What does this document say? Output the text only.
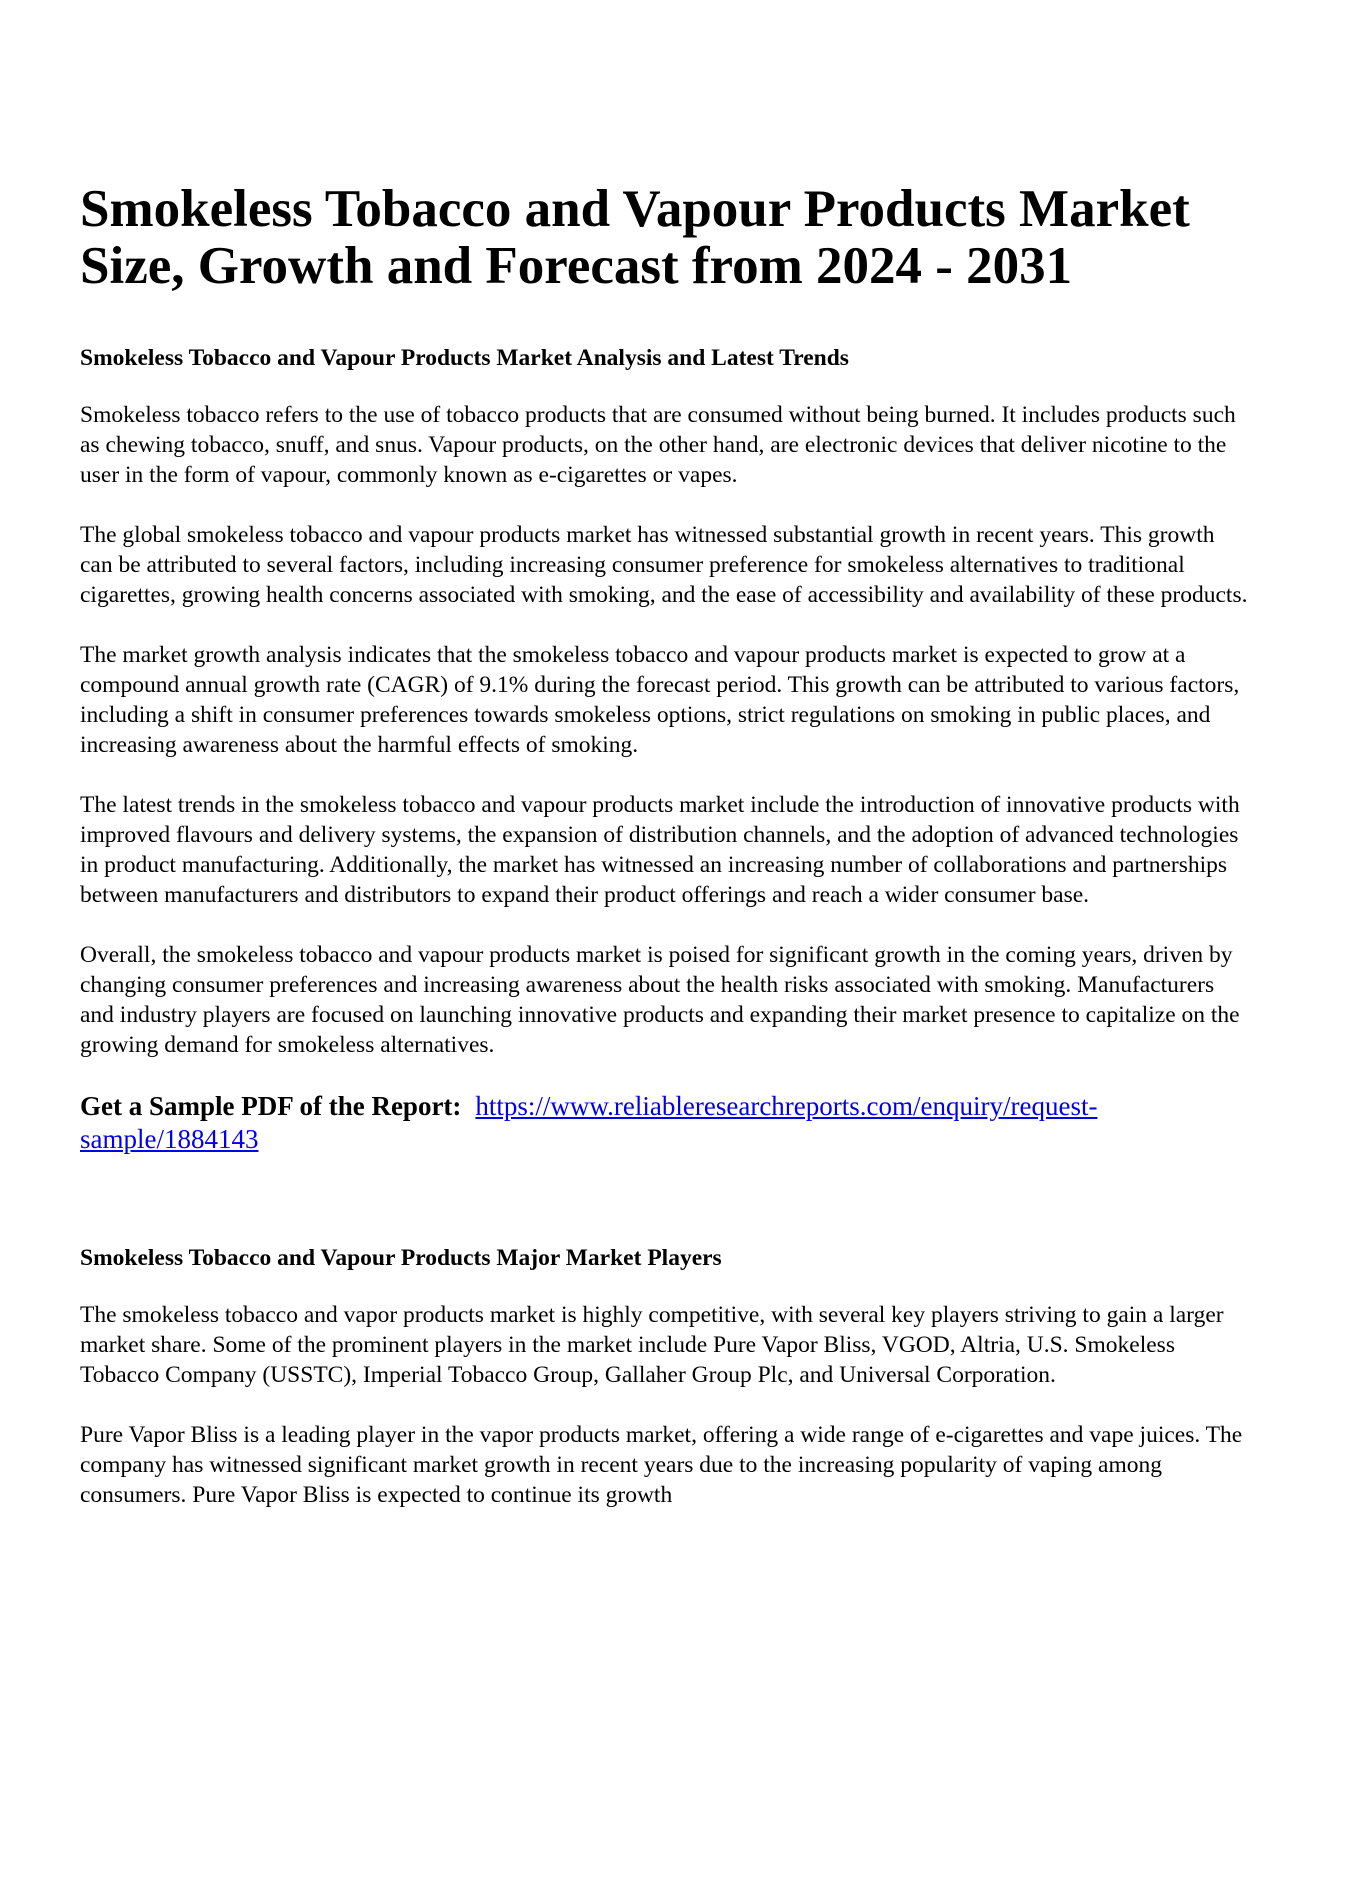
Smokeless Tobacco and Vapour Products Market
Size, Growth and Forecast from 2024 - 2031
Smokeless Tobacco and Vapour Products Market Analysis and Latest Trends

Smokeless tobacco refers to the use of tobacco products that are consumed without being burned. It includes products such as chewing tobacco, snuff, and snus. Vapour products, on the other hand, are electronic devices that deliver nicotine to the user in the form of vapour, commonly known as e-cigarettes or vapes.

The global smokeless tobacco and vapour products market has witnessed substantial growth in recent years. This growth can be attributed to several factors, including increasing consumer preference for smokeless alternatives to traditional cigarettes, growing health concerns associated with smoking, and the ease of accessibility and availability of these products.

The market growth analysis indicates that the smokeless tobacco and vapour products market is expected to grow at a compound annual growth rate (CAGR) of 9.1% during the forecast period. This growth can be attributed to various factors, including a shift in consumer preferences towards smokeless options, strict regulations on smoking in public places, and increasing awareness about the harmful effects of smoking.

The latest trends in the smokeless tobacco and vapour products market include the introduction of innovative products with improved flavours and delivery systems, the expansion of distribution channels, and the adoption of advanced technologies in product manufacturing. Additionally, the market has witnessed an increasing number of collaborations and partnerships between manufacturers and distributors to expand their product offerings and reach a wider consumer base.

Overall, the smokeless tobacco and vapour products market is poised for significant growth in the coming years, driven by changing consumer preferences and increasing awareness about the health risks associated with smoking. Manufacturers and industry players are focused on launching innovative products and expanding their market presence to capitalize on the growing demand for smokeless alternatives.

Get a Sample PDF of the Report: https://www.reliableresearchreports.com/enquiry/request-sample/1884143

Smokeless Tobacco and Vapour Products Major Market Players

The smokeless tobacco and vapor products market is highly competitive, with several key players striving to gain a larger market share. Some of the prominent players in the market include Pure Vapor Bliss, VGOD, Altria, U.S. Smokeless Tobacco Company (USSTC), Imperial Tobacco Group, Gallaher Group Plc, and Universal Corporation.

Pure Vapor Bliss is a leading player in the vapor products market, offering a wide range of e-cigarettes and vape juices. The company has witnessed significant market growth in recent years due to the increasing popularity of vaping among consumers. Pure Vapor Bliss is expected to continue its growth
